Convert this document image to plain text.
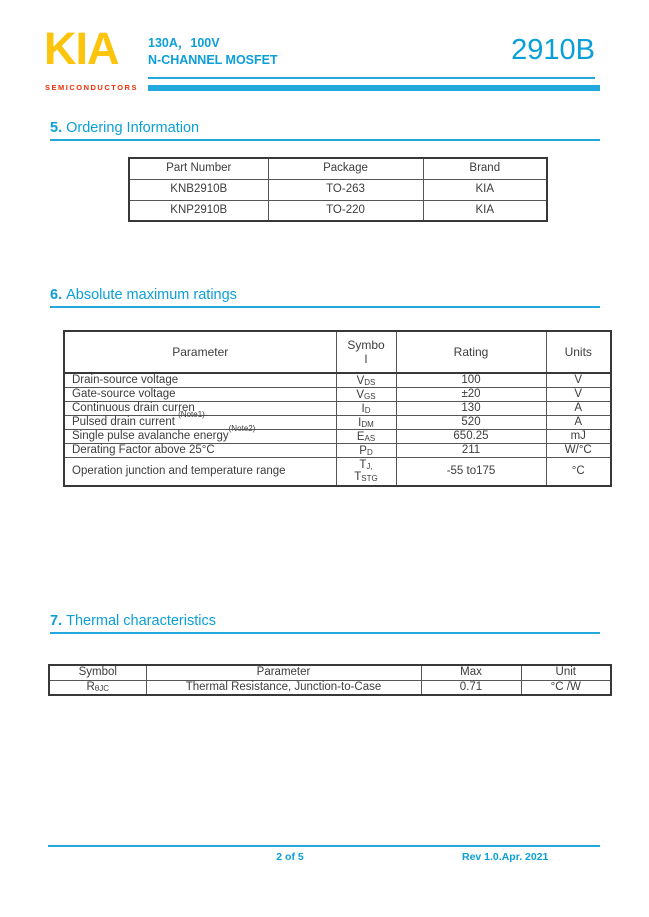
KIA
SEMICONDUCTORS
130A，100V
N-CHANNEL MOSFET	2910B
5. Ordering Information
Part Number	Package	Brand
KNB2910B	TO-263	KIA
KNP2910B	TO-220	KIA
6. Absolute maximum ratings
Parameter	Symbol	Rating	Units
Drain-source voltage	$V_{DS}$	100	V
Gate-source voltage	$V_{GS}$	±20	V
Continuous drain curren	$I_D$	130	A
Pulsed drain current $^{(Note1)}$	$I_{DM}$	520	A
Single pulse avalanche energy$^{(Note2)}$	$E_{AS}$	650.25	mJ
Derating Factor above 25°C	$P_D$	211	W/°C
Operation junction and temperature range	$T_{J,}$
$T_{STG}$	-55 to175	°C
7. Thermal characteristics
Symbol	Parameter	Max	Unit

$R_{\theta JC}$	Thermal Resistance, Junction-to-Case	0.71	°C /W
2 of 5	Rev 1.0.Apr. 2021
